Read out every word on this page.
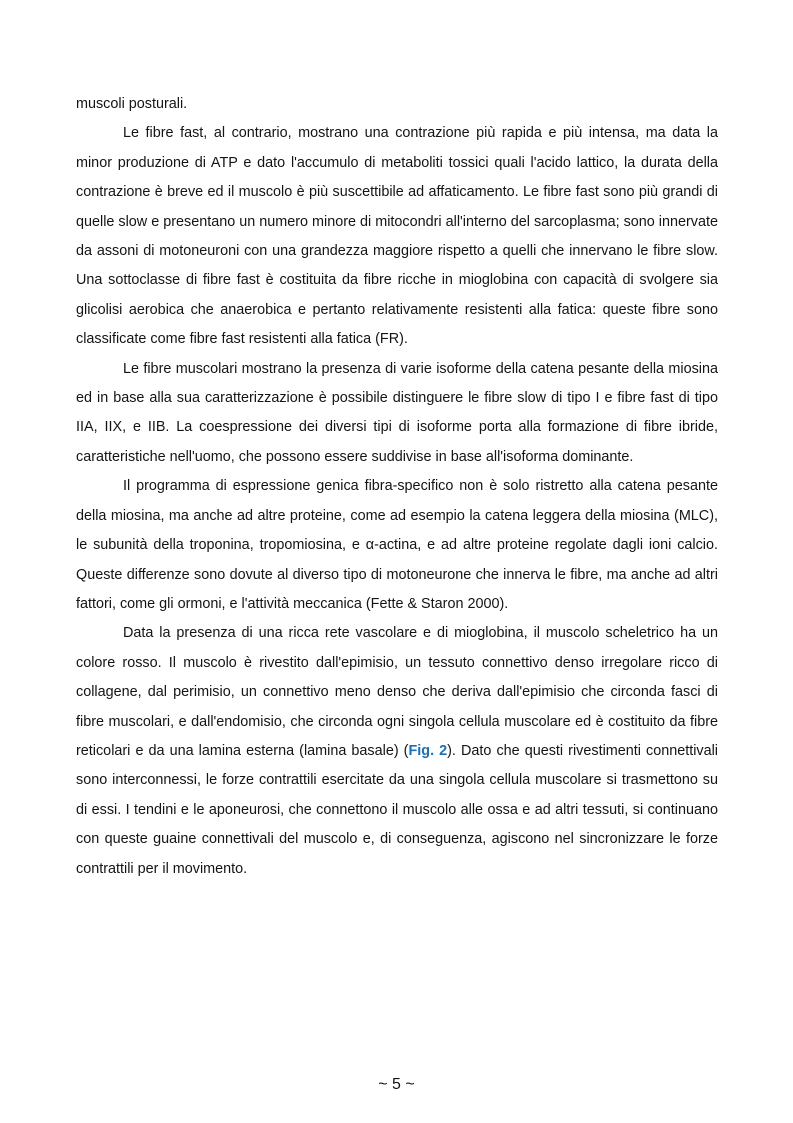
muscoli posturali.

Le fibre fast, al contrario, mostrano una contrazione più rapida e più intensa, ma data la minor produzione di ATP e dato l'accumulo di metaboliti tossici quali l'acido lattico, la durata della contrazione è breve ed il muscolo è più suscettibile ad affaticamento. Le fibre fast sono più grandi di quelle slow e presentano un numero minore di mitocondri all'interno del sarcoplasma; sono innervate da assoni di motoneuroni con una grandezza maggiore rispetto a quelli che innervano le fibre slow. Una sottoclasse di fibre fast è costituita da fibre ricche in mioglobina con capacità di svolgere sia glicolisi aerobica che anaerobica e pertanto relativamente resistenti alla fatica: queste fibre sono classificate come fibre fast resistenti alla fatica (FR).

Le fibre muscolari mostrano la presenza di varie isoforme della catena pesante della miosina ed in base alla sua caratterizzazione è possibile distinguere le fibre slow di tipo I e fibre fast di tipo IIA, IIX, e IIB. La coespressione dei diversi tipi di isoforme porta alla formazione di fibre ibride, caratteristiche nell'uomo, che possono essere suddivise in base all'isoforma dominante.

Il programma di espressione genica fibra-specifico non è solo ristretto alla catena pesante della miosina, ma anche ad altre proteine, come ad esempio la catena leggera della miosina (MLC), le subunità della troponina, tropomiosina, e α-actina, e ad altre proteine regolate dagli ioni calcio. Queste differenze sono dovute al diverso tipo di motoneurone che innerva le fibre, ma anche ad altri fattori, come gli ormoni, e l'attività meccanica (Fette & Staron 2000).

Data la presenza di una ricca rete vascolare e di mioglobina, il muscolo scheletrico ha un colore rosso. Il muscolo è rivestito dall'epimisio, un tessuto connettivo denso irregolare ricco di collagene, dal perimisio, un connettivo meno denso che deriva dall'epimisio che circonda fasci di fibre muscolari, e dall'endomisio, che circonda ogni singola cellula muscolare ed è costituito da fibre reticolari e da una lamina esterna (lamina basale) (Fig. 2). Dato che questi rivestimenti connettivali sono interconnessi, le forze contrattili esercitate da una singola cellula muscolare si trasmettono su di essi. I tendini e le aponeurosi, che connettono il muscolo alle ossa e ad altri tessuti, si continuano con queste guaine connettivali del muscolo e, di conseguenza, agiscono nel sincronizzare le forze contrattili per il movimento.

~ 5 ~
